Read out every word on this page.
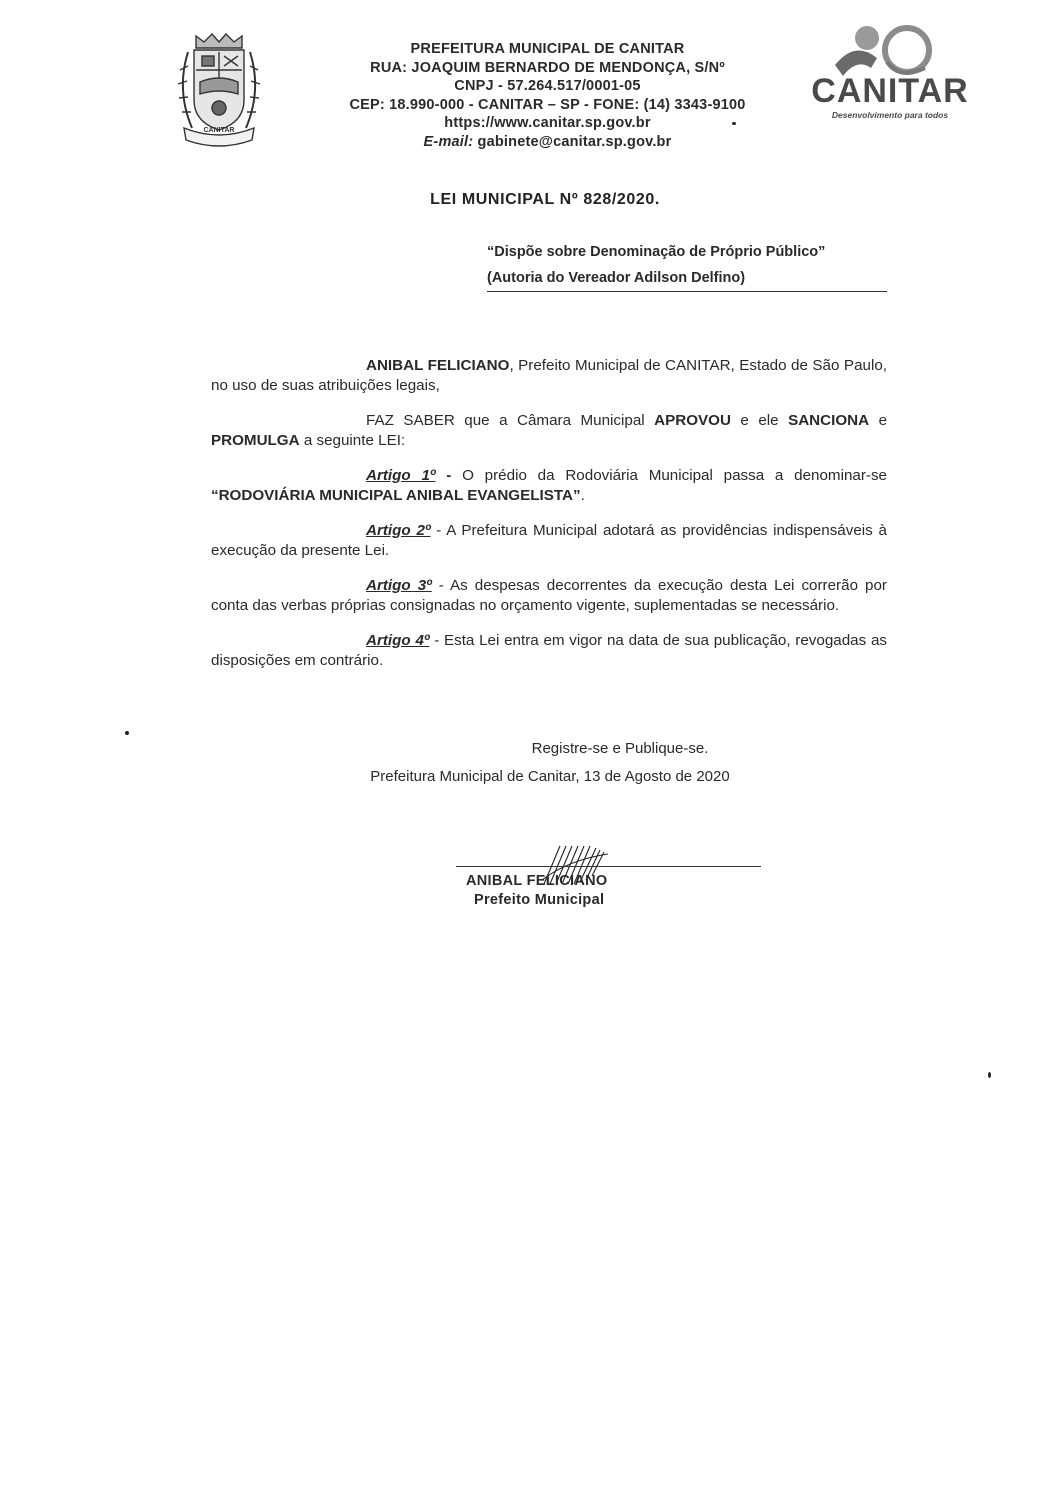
CANITAR
PREFEITURA MUNICIPAL DE CANITAR
RUA: JOAQUIM BERNARDO DE MENDONÇA, S/Nº
CNPJ - 57.264.517/0001-05
CEP: 18.990-000 - CANITAR – SP - FONE: (14) 3343-9100
https://www.canitar.sp.gov.br
E-mail: gabinete@canitar.sp.gov.br
CANITAR
Desenvolvimento para todos
LEI MUNICIPAL Nº 828/2020.
“Dispõe sobre Denominação de Próprio Público”
(Autoria do Vereador Adilson Delfino)

ANIBAL FELICIANO, Prefeito Municipal de CANITAR, Estado de São Paulo, no uso de suas atribuições legais,

FAZ SABER que a Câmara Municipal APROVOU e ele SANCIONA e PROMULGA a seguinte LEI:

Artigo 1º - O prédio da Rodoviária Municipal passa a denominar-se “RODOVIÁRIA MUNICIPAL ANIBAL EVANGELISTA”.

Artigo 2º - A Prefeitura Municipal adotará as providências indispensáveis à execução da presente Lei.

Artigo 3º - As despesas decorrentes da execução desta Lei correrão por conta das verbas próprias consignadas no orçamento vigente, suplementadas se necessário.

Artigo 4º - Esta Lei entra em vigor na data de sua publicação, revogadas as disposições em contrário.

Registre-se e Publique-se.
Prefeitura Municipal de Canitar, 13 de Agosto de 2020
ANIBAL FELICIANO
Prefeito Municipal
